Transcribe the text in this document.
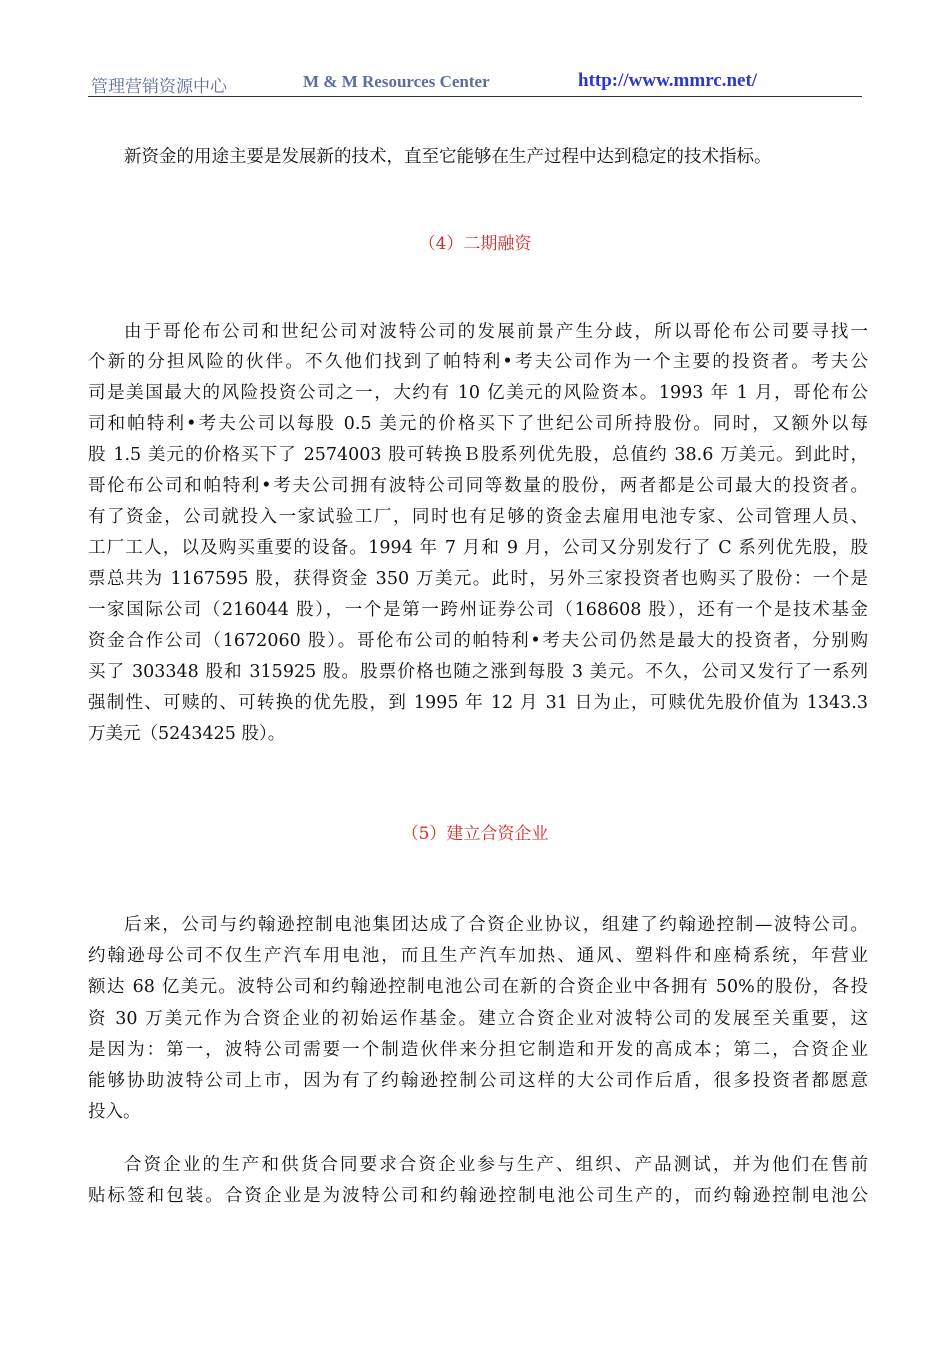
管理营销资源中心	M & M Resources Center	http://www.mmrc.net/
新资金的用途主要是发展新的技术，直至它能够在生产过程中达到稳定的技术指标。
（4）二期融资
由于哥伦布公司和世纪公司对波特公司的发展前景产生分歧，所以哥伦布公司要寻找一
个新的分担风险的伙伴。不久他们找到了帕特利•考夫公司作为一个主要的投资者。考夫公
司是美国最大的风险投资公司之一，大约有 10 亿美元的风险资本。1993 年 1 月，哥伦布公
司和帕特利•考夫公司以每股 0.5 美元的价格买下了世纪公司所持股份。同时，又额外以每
股 1.5 美元的价格买下了 2574003 股可转换Ｂ股系列优先股，总值约 38.6 万美元。到此时，
哥伦布公司和帕特利•考夫公司拥有波特公司同等数量的股份，两者都是公司最大的投资者。
有了资金，公司就投入一家试验工厂，同时也有足够的资金去雇用电池专家、公司管理人员、
工厂工人，以及购买重要的设备。1994 年 7 月和 9 月，公司又分别发行了 C 系列优先股，股
票总共为 1167595 股，获得资金 350 万美元。此时，另外三家投资者也购买了股份：一个是
一家国际公司（216044 股），一个是第一跨州证券公司（168608 股），还有一个是技术基金
资金合作公司（1672060 股）。哥伦布公司的帕特利•考夫公司仍然是最大的投资者，分别购
买了 303348 股和 315925 股。股票价格也随之涨到每股 3 美元。不久，公司又发行了一系列
强制性、可赎的、可转换的优先股，到 1995 年 12 月 31 日为止，可赎优先股价值为 1343.3
万美元（5243425 股）。
（5）建立合资企业
后来，公司与约翰逊控制电池集团达成了合资企业协议，组建了约翰逊控制—波特公司。
约翰逊母公司不仅生产汽车用电池，而且生产汽车加热、通风、塑料件和座椅系统，年营业
额达 68 亿美元。波特公司和约翰逊控制电池公司在新的合资企业中各拥有 50%的股份，各投
资 30 万美元作为合资企业的初始运作基金。建立合资企业对波特公司的发展至关重要，这
是因为：第一，波特公司需要一个制造伙伴来分担它制造和开发的高成本；第二，合资企业
能够协助波特公司上市，因为有了约翰逊控制公司这样的大公司作后盾，很多投资者都愿意
投入。
合资企业的生产和供货合同要求合资企业参与生产、组织、产品测试，并为他们在售前
贴标签和包装。合资企业是为波特公司和约翰逊控制电池公司生产的，而约翰逊控制电池公
